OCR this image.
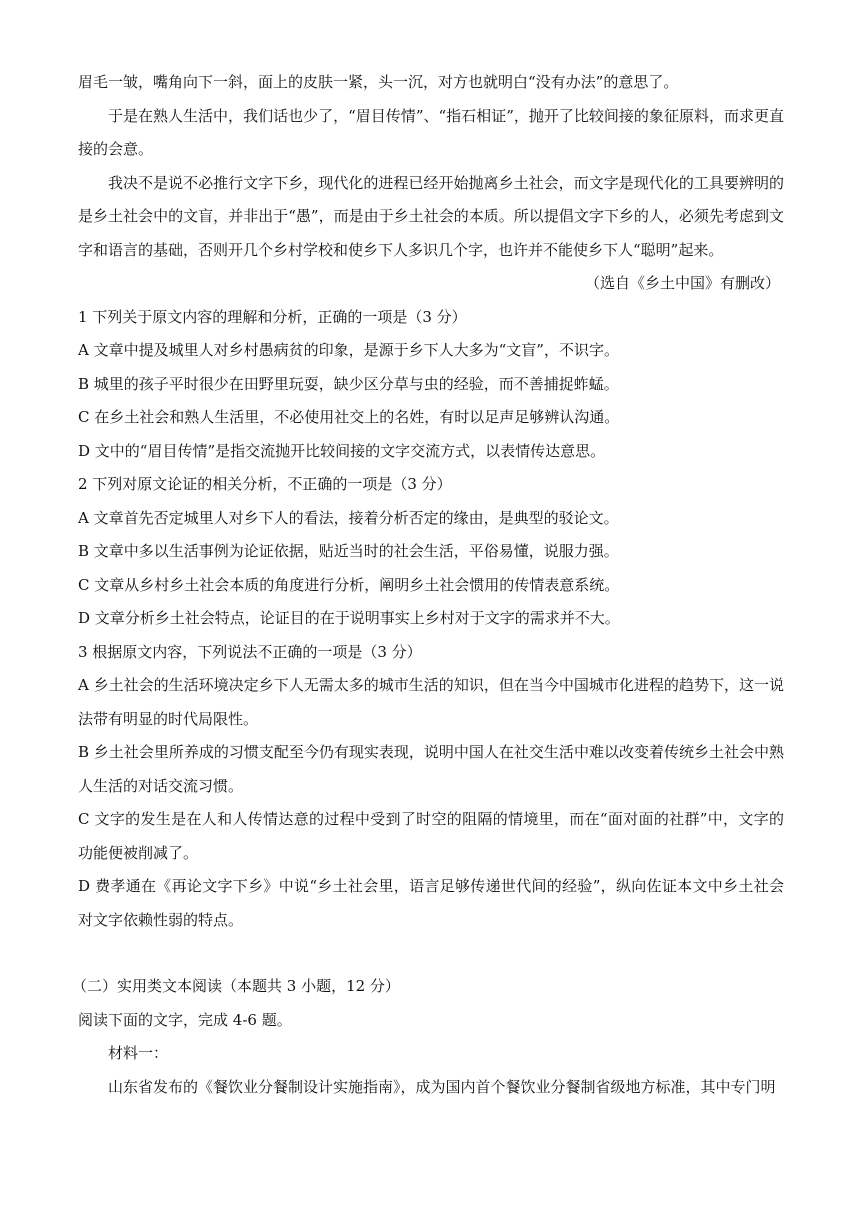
眉毛一皱，嘴角向下一斜，面上的皮肤一紧，头一沉，对方也就明白“没有办法”的意思了。
于是在熟人生活中，我们话也少了，“眉目传情”、“指石相证”，抛开了比较间接的象征原料，而求更直接的会意。
我决不是说不必推行文字下乡，现代化的进程已经开始抛离乡土社会，而文字是现代化的工具要辨明的是乡土社会中的文盲，并非出于“愚”，而是由于乡土社会的本质。所以提倡文字下乡的人，必须先考虑到文字和语言的基础，否则开几个乡村学校和使乡下人多识几个字，也许并不能使乡下人“聪明”起来。
（选自《乡土中国》有删改）
1 下列关于原文内容的理解和分析，正确的一项是（3 分）
A 文章中提及城里人对乡村愚病贫的印象，是源于乡下人大多为“文盲”，不识字。
B 城里的孩子平时很少在田野里玩耍，缺少区分草与虫的经验，而不善捕捉蚱蜢。
C 在乡土社会和熟人生活里，不必使用社交上的名姓，有时以足声足够辨认沟通。
D 文中的“眉目传情”是指交流抛开比较间接的文字交流方式，以表情传达意思。
2 下列对原文论证的相关分析，不正确的一项是（3 分）
A 文章首先否定城里人对乡下人的看法，接着分析否定的缘由，是典型的驳论文。
B 文章中多以生活事例为论证依据，贴近当时的社会生活，平俗易懂，说服力强。
C 文章从乡村乡土社会本质的角度进行分析，阐明乡土社会惯用的传情表意系统。
D 文章分析乡土社会特点，论证目的在于说明事实上乡村对于文字的需求并不大。
3 根据原文内容，下列说法不正确的一项是（3 分）
A 乡土社会的生活环境决定乡下人无需太多的城市生活的知识，但在当今中国城市化进程的趋势下，这一说法带有明显的时代局限性。
B 乡土社会里所养成的习惯支配至今仍有现实表现，说明中国人在社交生活中难以改变着传统乡土社会中熟人生活的对话交流习惯。
C 文字的发生是在人和人传情达意的过程中受到了时空的阻隔的情境里，而在“面对面的社群”中，文字的功能便被削减了。
D 费孝通在《再论文字下乡》中说“乡土社会里，语言足够传递世代间的经验”，纵向佐证本文中乡土社会对文字依赖性弱的特点。
（二）实用类文本阅读（本题共 3 小题，12 分）
阅读下面的文字，完成 4-6 题。
材料一：
山东省发布的《餐饮业分餐制设计实施指南》，成为国内首个餐饮业分餐制省级地方标准，其中专门明
